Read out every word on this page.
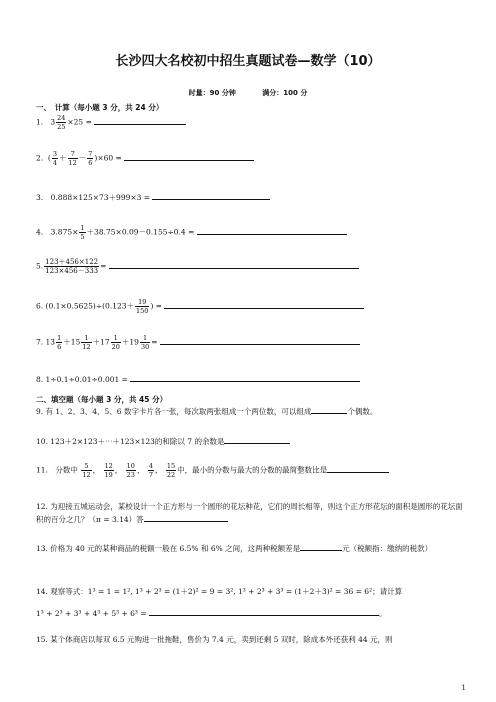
长沙四大名校初中招生真题试卷—数学（10）
时量：90 分钟	满分：100 分
一、　计算（每小题 3 分，共 24 分）
1. $3 \frac{24}{25} \times 25$ =
2.  ( $\frac{3}{4} + \frac{7}{12} - \frac{7}{6} )\times 60$ =
3.　0.888×125×73＋999×3 =
4.　$3.875\times \frac{1}{5} +38.75\times 0.09-0.155\div 0.4$ =
5. $\frac{123+456\times 122}{123\times 456-333}$ =
6. $(0.1\times 0.5625)\div(0.123+ \frac{19}{150}$ ) =
7. $13 \frac{1}{6} +15 \frac{1}{12} +17 \frac{1}{20} +19 \frac{1}{30}$ =
8. 1÷0.1÷0.01÷0.001 =
二、填空题（每小题 3 分，共 45 分）
9. 有 1、2、3、4、5、6 数字卡片各一张，每次取两张组成一个两位数，可以组成	个偶数。
10. 123＋2×123＋⋯＋123×123的和除以 7 的余数是
11.　分数中 $\frac{5}{12}$ ， $\frac{12}{19}$ ， $\frac{10}{23}$ ， $\frac{4}{7}$ ， $\frac{15}{22}$ 中，最小的分数与最大的分数的最简整数比是
12. 为迎接五城运动会，某校设计一个正方形与一个圆形的花坛种花，它们的周长相等，则这个正方形花坛的面积是圆形的花坛面积的百分之几？（π = 3.14）答
13. 价格为 40 元的某种商品的税额一般在 6.5% 和 6% 之间，这两种税额差是	元（税额指：缴纳的税款）
14. 观察等式：1³ = 1 = 1², 1³ + 2³ = (1＋2)² = 9 = 3², 1³ + 2³ + 3³ = (1＋2＋3)² = 36 = 6²；请计算
1³ + 2³ + 3³ + 4³ + 5³ + 6³ =	。
15. 某个体商店以每双 6.5 元购进一批拖鞋，售价为 7.4 元，卖到还剩 5 双时，除成本外还获利 44 元，则
1
